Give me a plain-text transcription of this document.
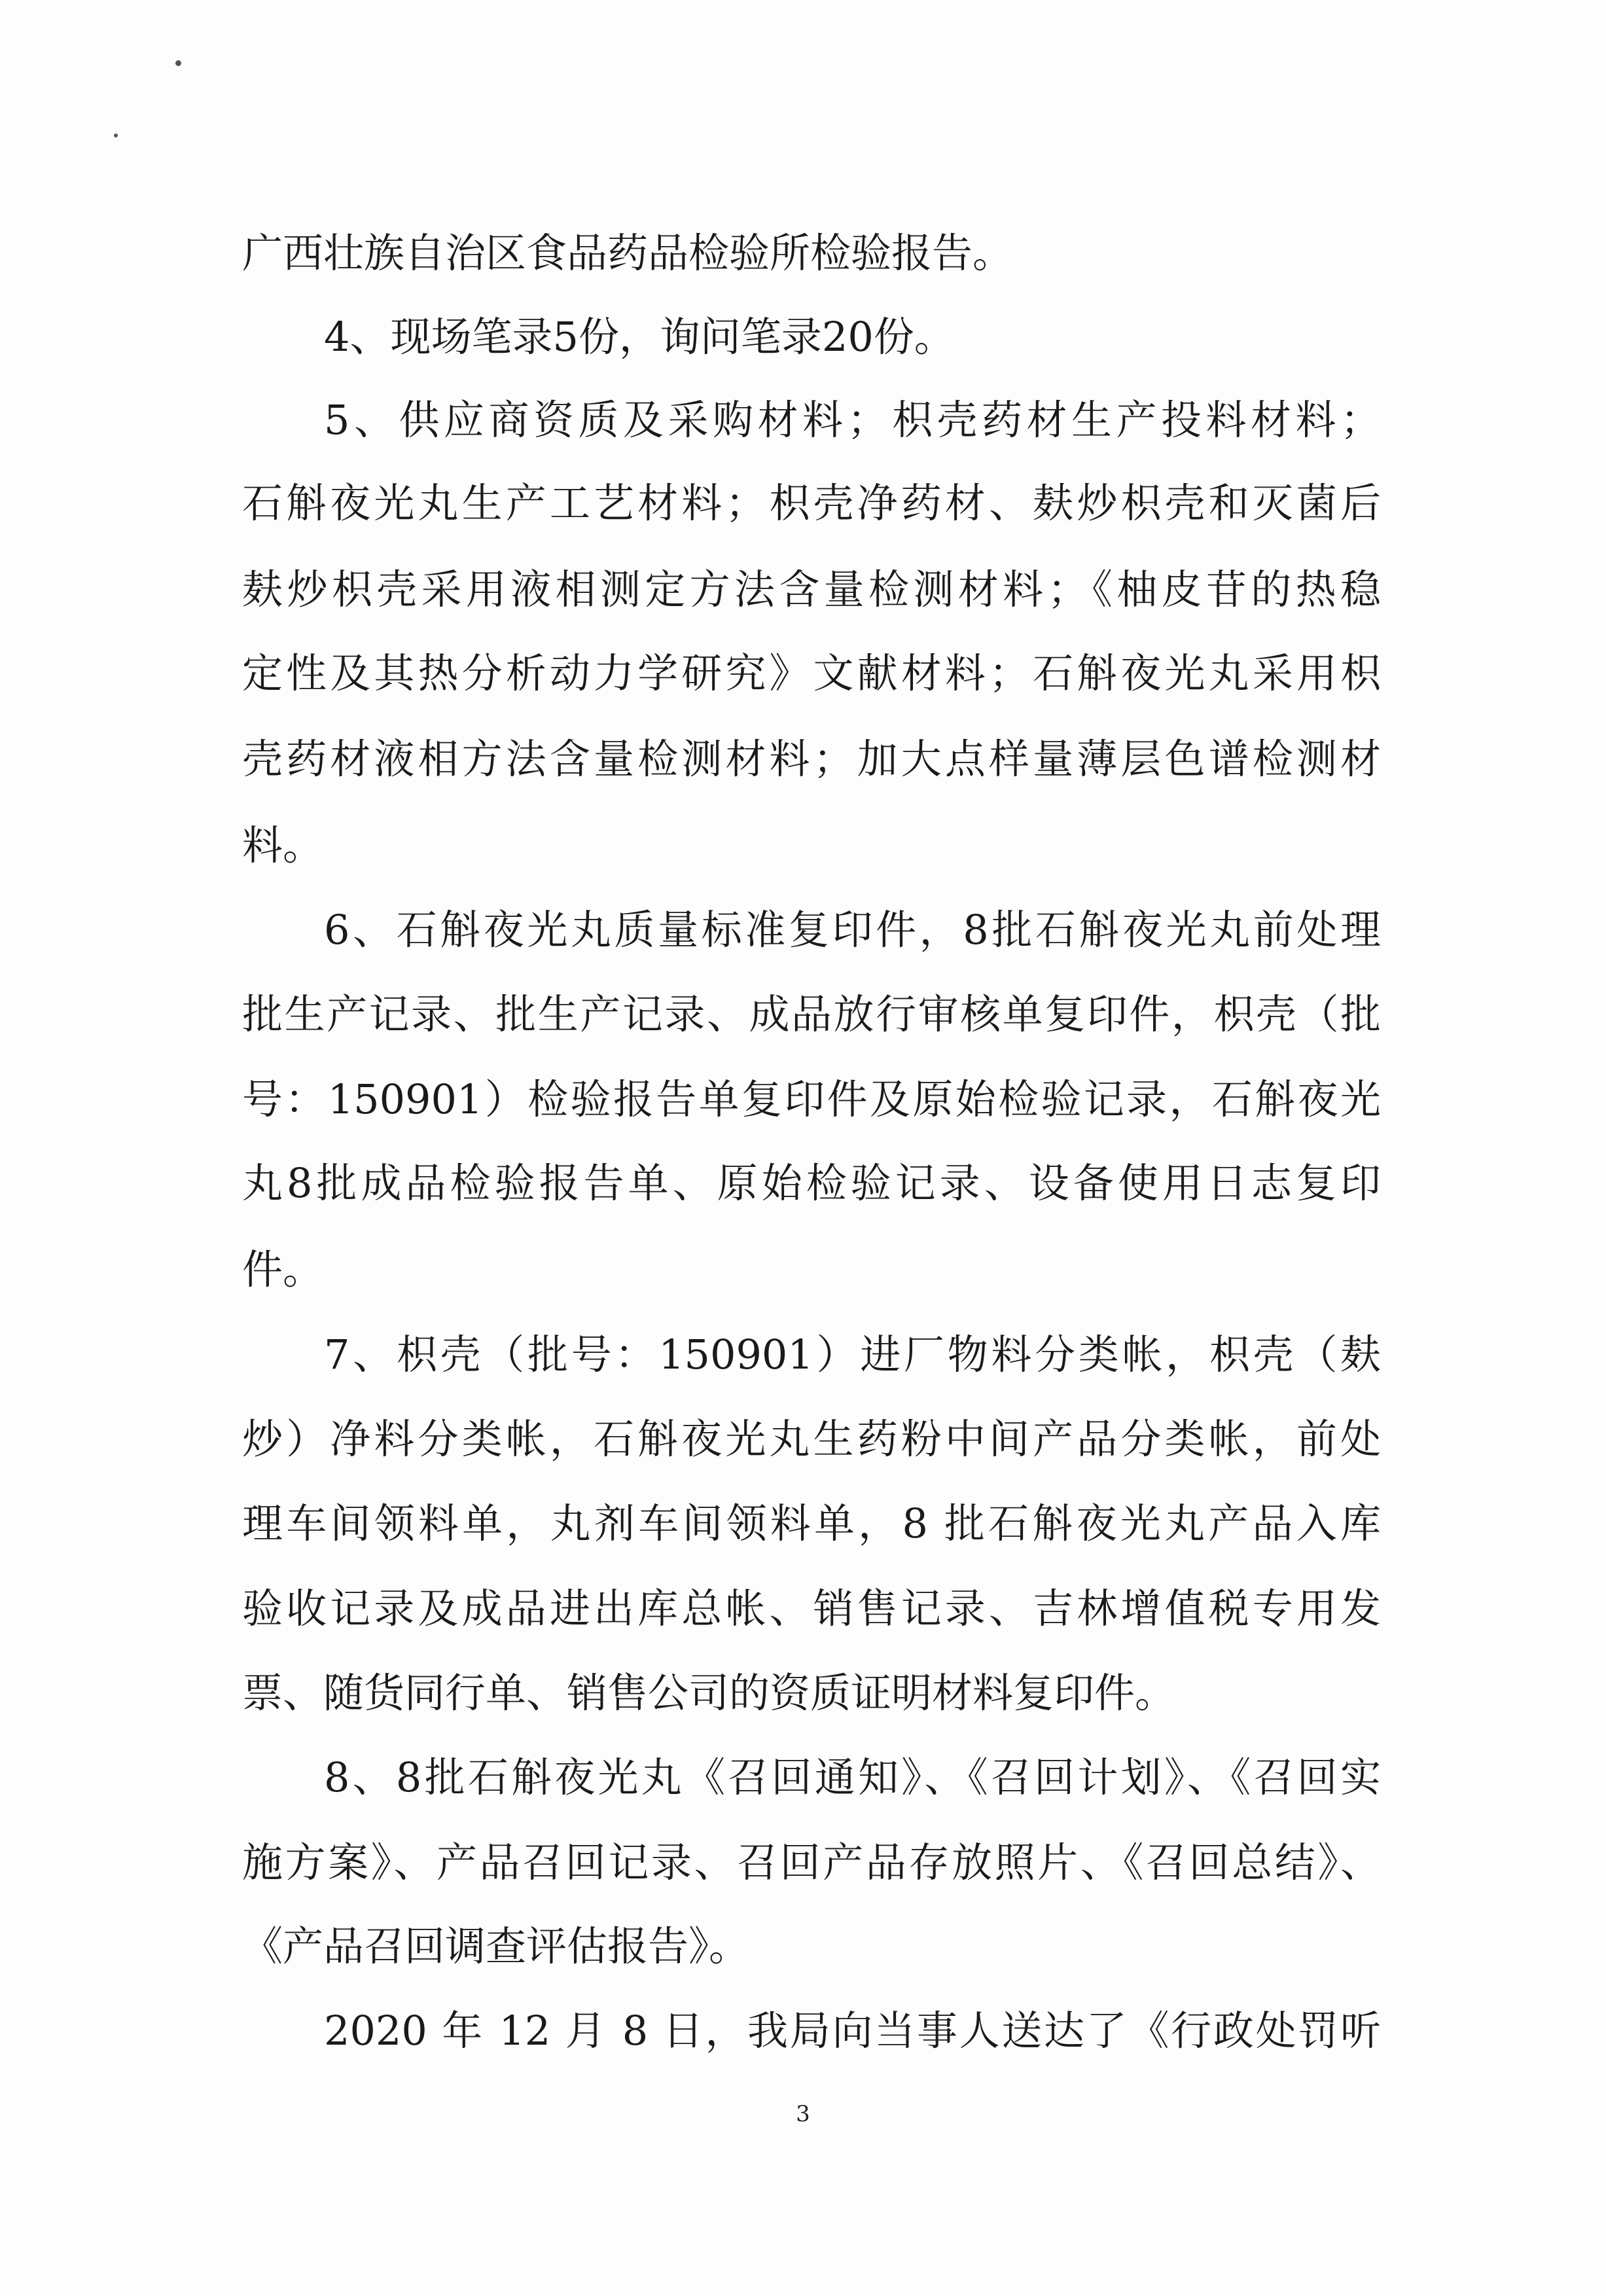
广西壮族自治区食品药品检验所检验报告。
4、现场笔录5份，询问笔录20份。
5、供应商资质及采购材料；枳壳药材生产投料材料；
石斛夜光丸生产工艺材料；枳壳净药材、麸炒枳壳和灭菌后
麸炒枳壳采用液相测定方法含量检测材料；《柚皮苷的热稳
定性及其热分析动力学研究》文献材料；石斛夜光丸采用枳
壳药材液相方法含量检测材料；加大点样量薄层色谱检测材
料。
6、石斛夜光丸质量标准复印件，8批石斛夜光丸前处理
批生产记录、批生产记录、成品放行审核单复印件，枳壳（批
号：150901）检验报告单复印件及原始检验记录，石斛夜光
丸8批成品检验报告单、原始检验记录、设备使用日志复印
件。
7、枳壳（批号：150901）进厂物料分类帐，枳壳（麸
炒）净料分类帐，石斛夜光丸生药粉中间产品分类帐，前处
理车间领料单，丸剂车间领料单，8 批石斛夜光丸产品入库
验收记录及成品进出库总帐、销售记录、吉林增值税专用发
票、随货同行单、销售公司的资质证明材料复印件。
8、8批石斛夜光丸《召回通知》、《召回计划》、《召回实
施方案》、产品召回记录、召回产品存放照片、《召回总结》、
《产品召回调查评估报告》。
2020 年 12 月 8 日，我局向当事人送达了《行政处罚听
3
